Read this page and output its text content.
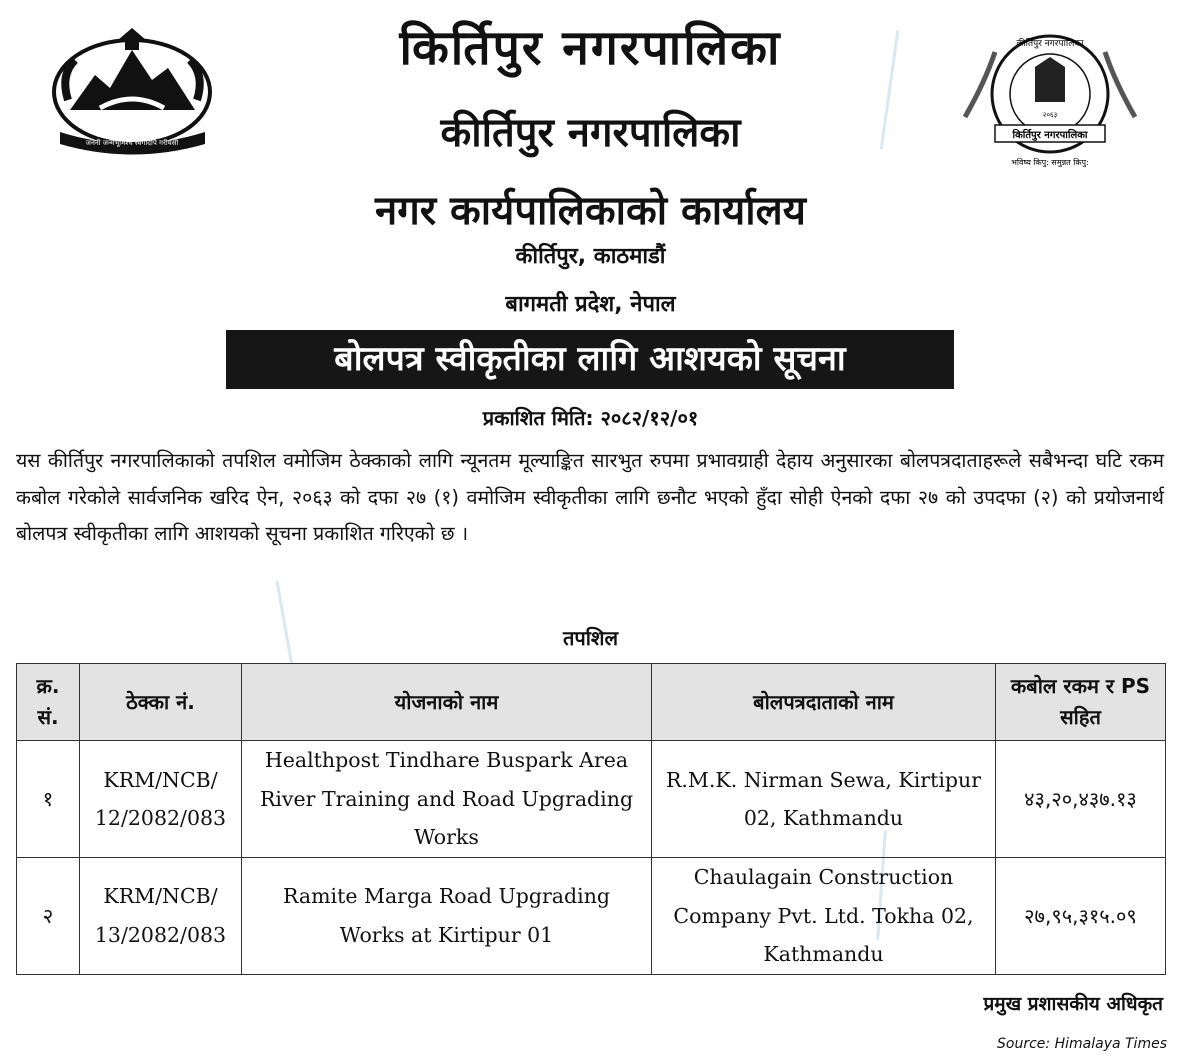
जननी जन्मभूमिश्च स्वर्गादपि गरीयसी
कीर्तिपुर नगरपालिका
२०६३
किर्तिपुर नगरपालिका
भविष्य किपु: समुन्नत किपु:
किर्तिपुर नगरपालिका
कीर्तिपुर नगरपालिका
नगर कार्यपालिकाको कार्यालय
कीर्तिपुर, काठमाडौं
बागमती प्रदेश, नेपाल
बोलपत्र स्वीकृतीका लागि आशयको सूचना
प्रकाशित मिति: २०८२/१२/०१
यस कीर्तिपुर नगरपालिकाको तपशिल वमोजिम ठेक्काको लागि न्यूनतम मूल्याङ्कित सारभुत रुपमा प्रभावग्राही देहाय अनुसारका बोलपत्रदाताहरूले सबैभन्दा घटि रकम कबोल गरेकोले सार्वजनिक खरिद ऐन, २०६३ को दफा २७ (१) वमोजिम स्वीकृतीका लागि छनौट भएको हुँदा सोही ऐनको दफा २७ को उपदफा (२) को प्रयोजनार्थ बोलपत्र स्वीकृतीका लागि आशयको सूचना प्रकाशित गरिएको छ ।
तपशिल
क्र. सं.	ठेक्का नं.	योजनाको नाम	बोलपत्रदाताको नाम	कबोल रकम र PS सहित
१	KRM/NCB/ 12/2082/083	Healthpost Tindhare Buspark Area River Training and Road Upgrading Works	R.M.K. Nirman Sewa, Kirtipur 02, Kathmandu	४३,२०,४३७.१३
२	KRM/NCB/ 13/2082/083	Ramite Marga Road Upgrading Works at Kirtipur 01	Chaulagain Construction Company Pvt. Ltd. Tokha 02, Kathmandu	२७,९५,३१५.०९
प्रमुख प्रशासकीय अधिकृत
Source: Himalaya Times
